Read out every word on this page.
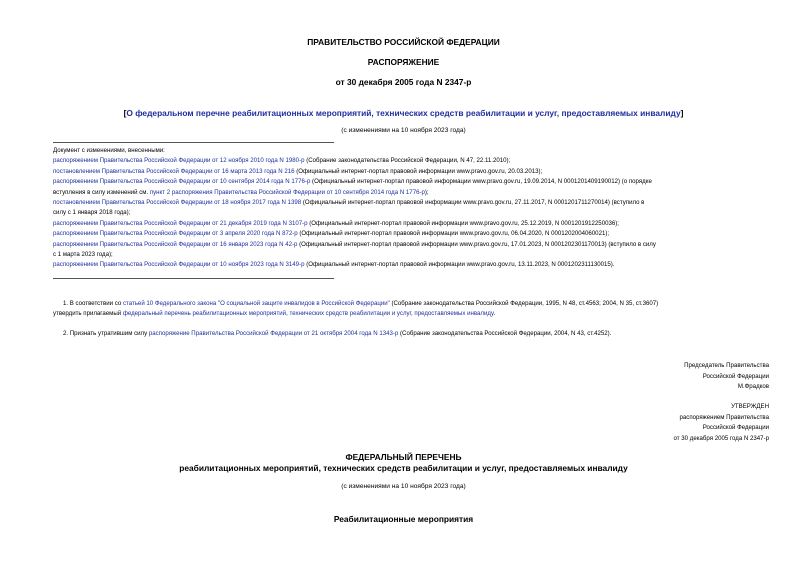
ПРАВИТЕЛЬСТВО РОССИЙСКОЙ ФЕДЕРАЦИИ
РАСПОРЯЖЕНИЕ
от 30 декабря 2005 года N 2347-р
[О федеральном перечне реабилитационных мероприятий, технических средств реабилитации и услуг, предоставляемых инвалиду]
(с изменениями на 10 ноября 2023 года)
Документ с изменениями, внесенными:
распоряжением Правительства Российской Федерации от 12 ноября 2010 года N 1980-р (Собрание законодательства Российской Федерации, N 47, 22.11.2010);
постановлением Правительства Российской Федерации от 16 марта 2013 года N 216 (Официальный интернет-портал правовой информации www.pravo.gov.ru, 20.03.2013);
распоряжением Правительства Российской Федерации от 10 сентября 2014 года N 1776-р (Официальный интернет-портал правовой информации www.pravo.gov.ru, 19.09.2014, N 0001201409190012) (о порядке
вступления в силу изменений см. пункт 2 распоряжения Правительства Российской Федерации от 10 сентября 2014 года N 1776-р);
постановлением Правительства Российской Федерации от 18 ноября 2017 года N 1398 (Официальный интернет-портал правовой информации www.pravo.gov.ru, 27.11.2017, N 0001201711270014) (вступило в
силу с 1 января 2018 года);
распоряжением Правительства Российской Федерации от 21 декабря 2019 года N 3107-р (Официальный интернет-портал правовой информации www.pravo.gov.ru, 25.12.2019, N 0001201912250036);
распоряжением Правительства Российской Федерации от 3 апреля 2020 года N 872-р (Официальный интернет-портал правовой информации www.pravo.gov.ru, 06.04.2020, N 0001202004060021);
распоряжением Правительства Российской Федерации от 16 января 2023 года N 42-р (Официальный интернет-портал правовой информации www.pravo.gov.ru, 17.01.2023, N 0001202301170013) (вступило в силу
с 1 марта 2023 года);
распоряжением Правительства Российской Федерации от 10 ноября 2023 года N 3149-р (Официальный интернет-портал правовой информации www.pravo.gov.ru, 13.11.2023, N 0001202311130015).
1. В соответствии со статьей 10 Федерального закона "О социальной защите инвалидов в Российской Федерации" (Собрание законодательства Российской Федерации, 1995, N 48, ст.4563; 2004, N 35, ст.3607)
утвердить прилагаемый федеральный перечень реабилитационных мероприятий, технических средств реабилитации и услуг, предоставляемых инвалиду.
2. Признать утратившим силу распоряжение Правительства Российской Федерации от 21 октября 2004 года N 1343-р (Собрание законодательства Российской Федерации, 2004, N 43, ст.4252).
Председатель Правительства
Российской Федерации
М.Фрадков
УТВЕРЖДЕН
распоряжением Правительства
Российской Федерации
от 30 декабря 2005 года N 2347-р
ФЕДЕРАЛЬНЫЙ ПЕРЕЧЕНЬ
реабилитационных мероприятий, технических средств реабилитации и услуг, предоставляемых инвалиду
(с изменениями на 10 ноября 2023 года)
Реабилитационные мероприятия
